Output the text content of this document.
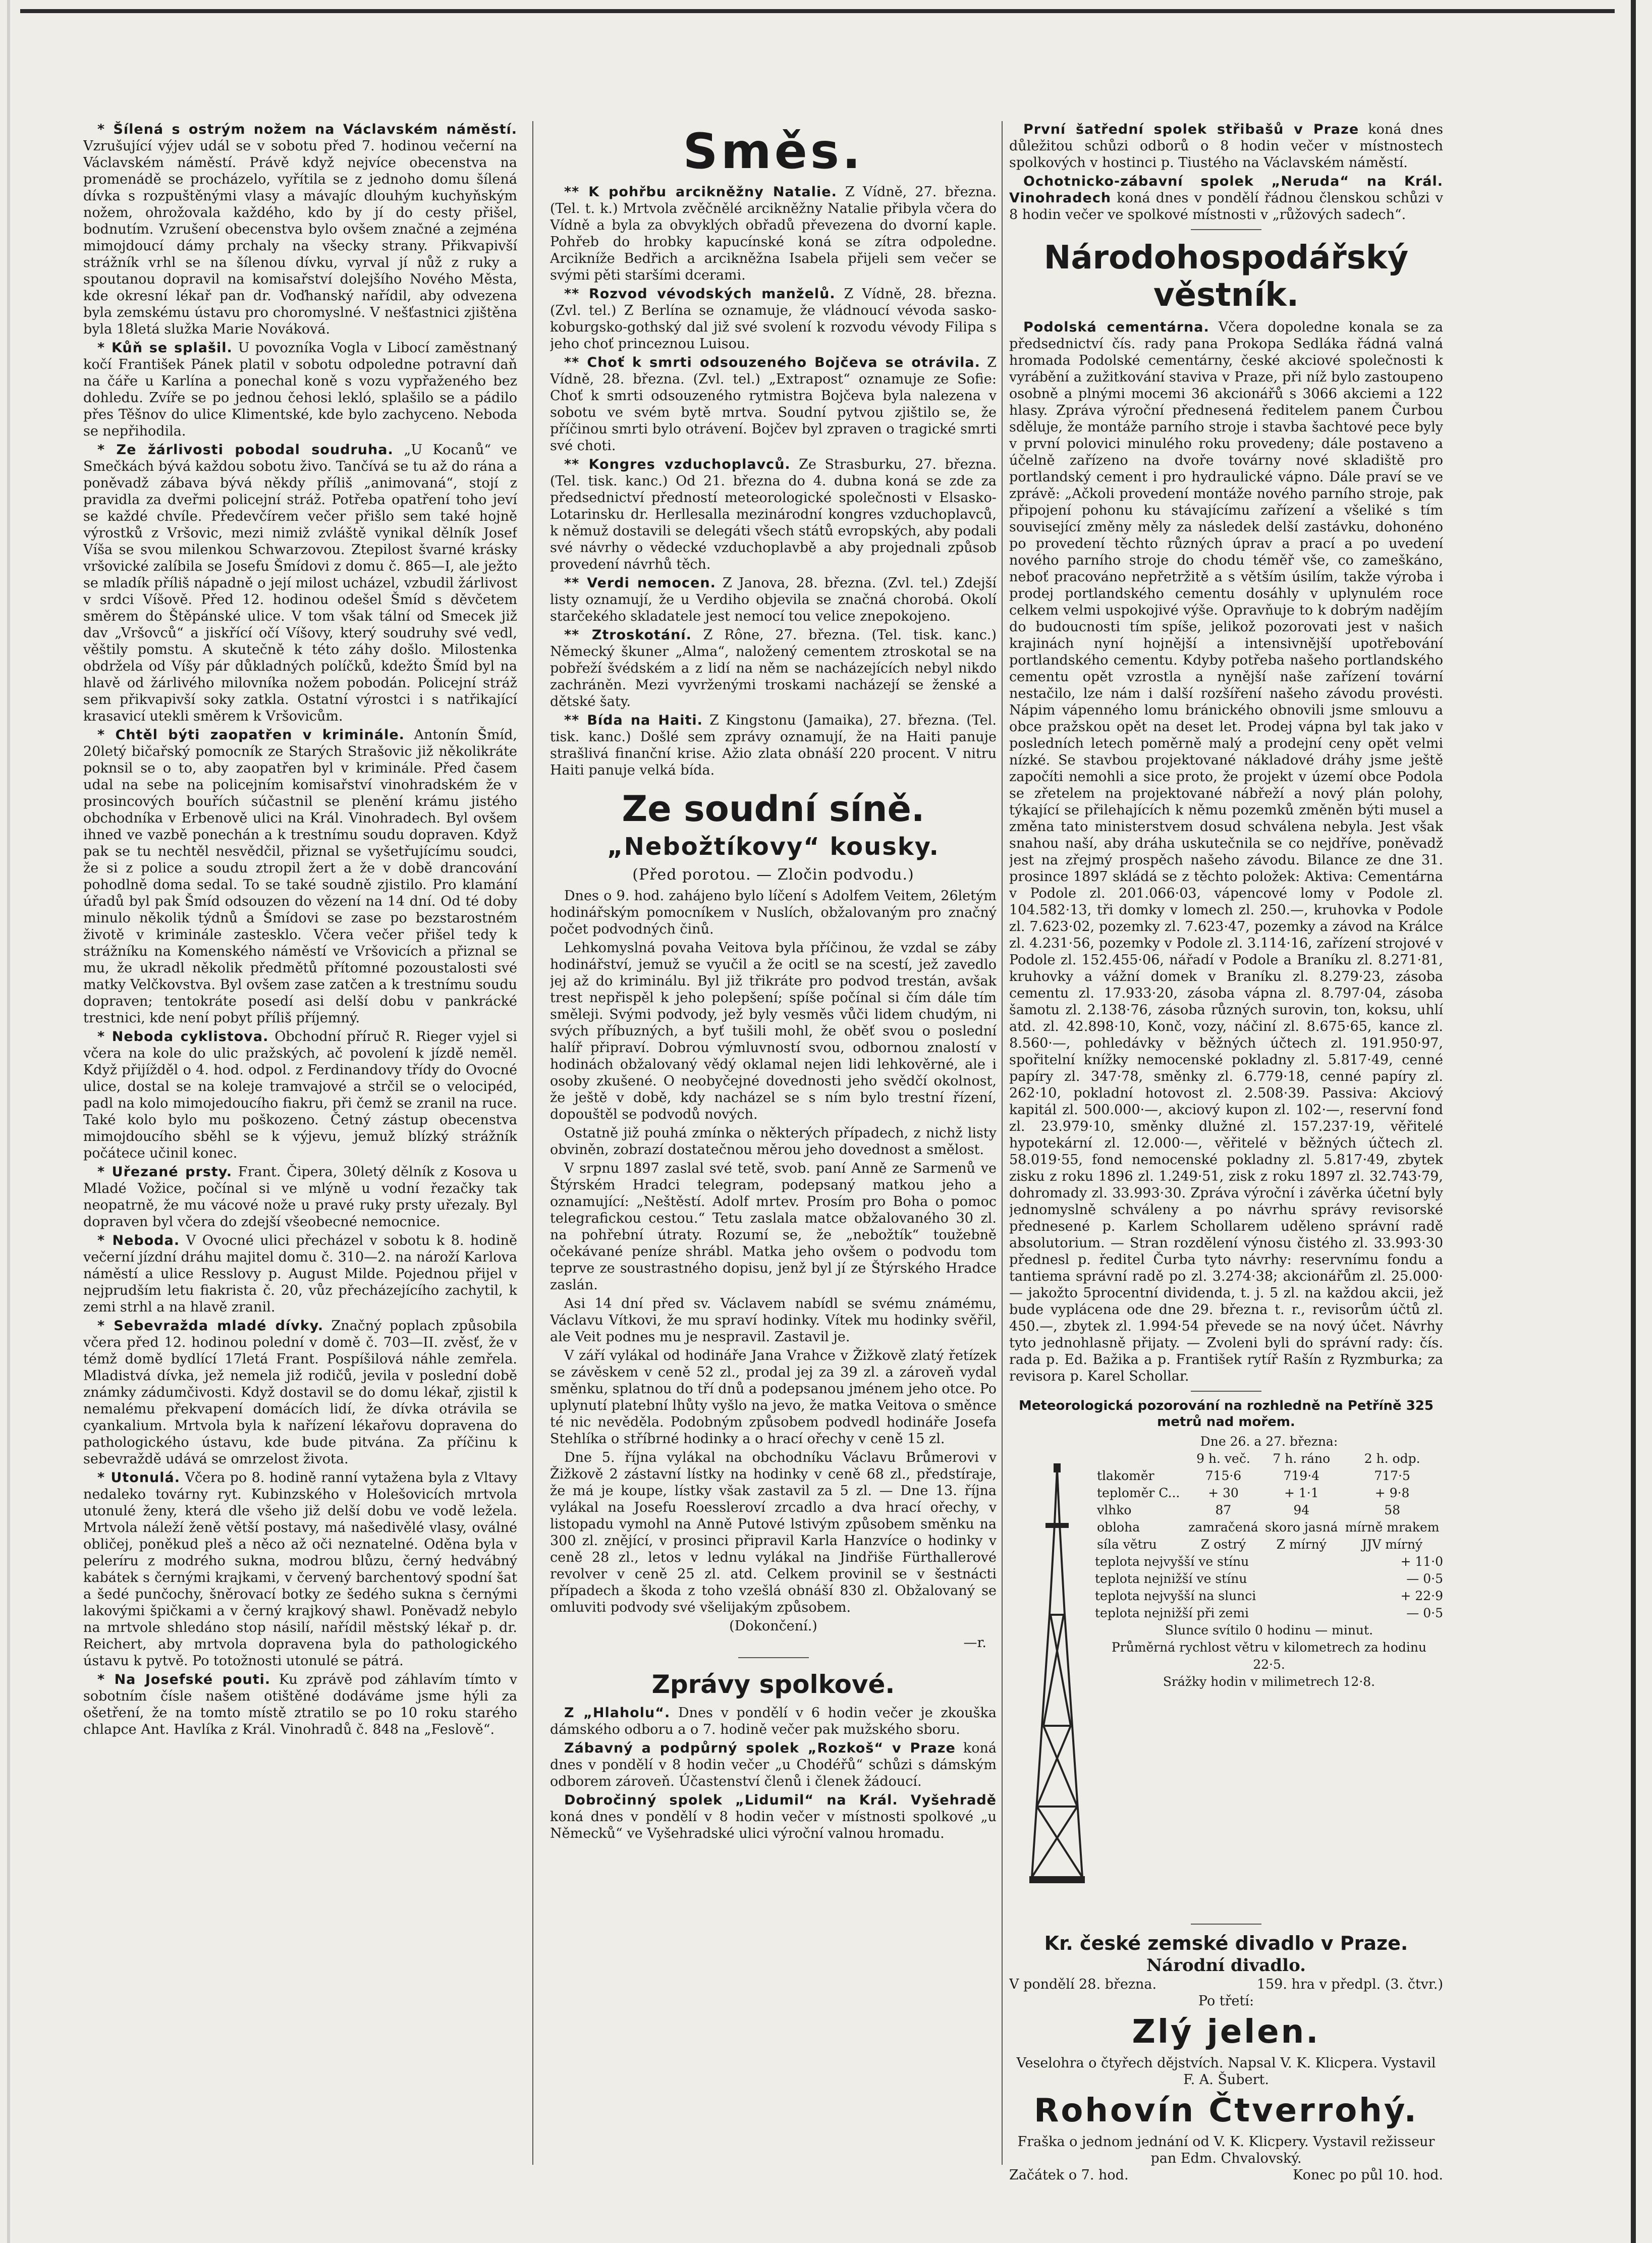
* Šílená s ostrým nožem na Václavském náměstí. Vzrušující výjev udál se v sobotu před 7. hodinou večerní na Václavském náměstí. Právě když nejvíce obecenstva na promenádě se procházelo, vyřítila se z jednoho domu šílená dívka s rozpuštěnými vlasy a mávajíc dlouhým kuchyňským nožem, ohrožovala každého, kdo by jí do cesty přišel, bodnutím. Vzrušení obecenstva bylo ovšem značné a zejména mimojdoucí dámy prchaly na všecky strany. Přikvapivší strážník vrhl se na šílenou dívku, vyrval jí nůž z ruky a spoutanou dopravil na komisařství dolejšího Nového Města, kde okresní lékař pan dr. Voďhanský nařídil, aby odvezena byla zemskému ústavu pro choromyslné. V nešťastnici zjištěna byla 18letá služka Marie Nováková.

* Kůň se splašil. U povozníka Vogla v Libocí zaměstnaný kočí František Pánek platil v sobotu odpoledne potravní daň na čáře u Karlína a ponechal koně s vozu vypřaženého bez dohledu. Zvíře se po jednou čehosi lekló, splašilo se a pádilo přes Těšnov do ulice Klimentské, kde bylo zachyceno. Neboda se nepřihodila.

* Ze žárlivosti pobodal soudruha. „U Kocanů“ ve Smečkách bývá každou sobotu živo. Tančívá se tu až do rána a poněvadž zábava bývá někdy příliš „animovaná“, stojí z pravidla za dveřmi policejní stráž. Potřeba opatření toho jeví se každé chvíle. Předevčírem večer přišlo sem také hojně výrostků z Vršovic, mezi nimiž zvláště vynikal dělník Josef Víša se svou milenkou Schwarzovou. Ztepilost švarné krásky vršovické zalíbila se Josefu Šmídovi z domu č. 865—I, ale ježto se mladík příliš nápadně o její milost ucházel, vzbudil žárlivost v srdci Víšově. Před 12. hodinou odešel Šmíd s děvčetem směrem do Štěpánské ulice. V tom však tální od Smecek již dav „Vršovců“ a jiskřící očí Víšovy, který soudruhy své vedl, věštily pomstu. A skutečně k této záhy došlo. Milostenka obdržela od Víšy pár důkladných políčků, kdežto Šmíd byl na hlavě od žárlivého milovníka nožem pobodán. Policejní stráž sem přikvapivší soky zatkla. Ostatní výrostci i s natřikající krasavicí utekli směrem k Vršovicům.

* Chtěl býti zaopatřen v kriminále. Antonín Šmíd, 20letý bičařský pomocník ze Starých Strašovic již několikráte poknsil se o to, aby zaopatřen byl v kriminále. Před časem udal na sebe na policejním komisařství vinohradském že v prosincových bouřích súčastnil se plenění krámu jistého obchodníka v Erbenově ulici na Král. Vinohradech. Byl ovšem ihned ve vazbě ponechán a k trestnímu soudu dopraven. Když pak se tu nechtěl nesvědčil, přiznal se vyšetřujícímu soudci, že si z police a soudu ztropil žert a že v době drancování pohodlně doma sedal. To se také soudně zjistilo. Pro klamání úřadů byl pak Šmíd odsouzen do vězení na 14 dní. Od té doby minulo několik týdnů a Šmídovi se zase po bezstarostném životě v kriminále zastesklo. Včera večer přišel tedy k strážníku na Komenského náměstí ve Vršovicích a přiznal se mu, že ukradl několik předmětů přítomné pozoustalosti své matky Velčkovstva. Byl ovšem zase zatčen a k trestnímu soudu dopraven; tentokráte posedí asi delší dobu v pankrácké trestnici, kde není pobyt příliš příjemný.

* Neboda cyklistova. Obchodní příruč R. Rieger vyjel si včera na kole do ulic pražských, ač povolení k jízdě neměl. Když přijížděl o 4. hod. odpol. z Ferdinandovy třídy do Ovocné ulice, dostal se na koleje tramvajové a strčil se o velocipéd, padl na kolo mimojedoucího fiakru, při čemž se zranil na ruce. Také kolo bylo mu poškozeno. Četný zástup obecenstva mimojdoucího sběhl se k výjevu, jemuž blízký strážník počátece učinil konec.

* Uřezané prsty. Frant. Čipera, 30letý dělník z Kosova u Mladé Vožice, počínal si ve mlýně u vodní řezačky tak neopatrně, že mu vácové nože u pravé ruky prsty uřezaly. Byl dopraven byl včera do zdejší všeobecné nemocnice.

* Neboda. V Ovocné ulici přecházel v sobotu k 8. hodině večerní jízdní dráhu majitel domu č. 310—2. na nároží Karlova náměstí a ulice Resslovy p. August Milde. Pojednou přijel v nejprudším letu fiakrista č. 20, vůz přecházejícího zachytil, k zemi strhl a na hlavě zranil.

* Sebevražda mladé dívky. Značný poplach způsobila včera před 12. hodinou polední v domě č. 703—II. zvěsť, že v témž domě bydlící 17letá Frant. Pospíšilová náhle zemřela. Mladistvá dívka, jež nemela již rodičů, jevila v poslední době známky zádumčivosti. Když dostavil se do domu lékař, zjistil k nemalému překvapení domácích lidí, že dívka otrávila se cyankalium. Mrtvola byla k nařízení lékařovu dopravena do pathologického ústavu, kde bude pitvána. Za příčinu k sebevraždě udává se omrzelost života.

* Utonulá. Včera po 8. hodině ranní vytažena byla z Vltavy nedaleko továrny ryt. Kubinzského v Holešovicích mrtvola utonulé ženy, která dle všeho již delší dobu ve vodě ležela. Mrtvola náleží ženě větší postavy, má našedivělé vlasy, oválné obličej, poněkud pleš a něco až oči neznatelné. Oděna byla v peleríru z modrého sukna, modrou blůzu, černý hedvábný kabátek s černými krajkami, v červený barchentový spodní šat a šedé punčochy, šněrovací botky ze šedého sukna s černými lakovými špičkami a v černý krajkový shawl. Poněvadž nebylo na mrtvole shledáno stop násilí, nařídil městský lékař p. dr. Reichert, aby mrtvola dopravena byla do pathologického ústavu k pytvě. Po totožnosti utonulé se pátrá.

* Na Josefské pouti. Ku zprávě pod záhlavím tímto v sobotním čísle našem otištěné dodáváme jsme hýli za ošetření, že na tomto místě ztratilo se po 10 roku starého chlapce Ant. Havlíka z Král. Vinohradů č. 848 na „Feslově“.

Směs.

** K pohřbu arcikněžny Natalie. Z Vídně, 27. března. (Tel. t. k.) Mrtvola zvěčnělé arcikněžny Natalie přibyla včera do Vídně a byla za obvyklých obřadů převezena do dvorní kaple. Pohřeb do hrobky kapucínské koná se zítra odpoledne. Arcikníže Bedřich a arcikněžna Isabela přijeli sem večer se svými pěti staršími dcerami.

** Rozvod vévodských manželů. Z Vídně, 28. března. (Zvl. tel.) Z Berlína se oznamuje, že vládnoucí vévoda sasko-koburgsko-gothský dal již své svolení k rozvodu vévody Filipa s jeho choť princeznou Luisou.

** Choť k smrti odsouzeného Bojčeva se otrávila. Z Vídně, 28. března. (Zvl. tel.) „Extrapost“ oznamuje ze Sofie: Choť k smrti odsouzeného rytmistra Bojčeva byla nalezena v sobotu ve svém bytě mrtva. Soudní pytvou zjištilo se, že příčinou smrti bylo otrávení. Bojčev byl zpraven o tragické smrti své choti.

** Kongres vzduchoplavců. Ze Strasburku, 27. března. (Tel. tisk. kanc.) Od 21. března do 4. dubna koná se zde za předsednictví předností meteorologické společnosti v Elsasko-Lotarinsku dr. Herllesalla mezinárodní kongres vzduchoplavců, k němuž dostavili se delegáti všech států evropských, aby podali své návrhy o vědecké vzduchoplavbě a aby projednali způsob provedení návrhů těch.

** Verdi nemocen. Z Janova, 28. března. (Zvl. tel.) Zdejší listy oznamují, že u Verdiho objevila se značná chorobá. Okolí starčekého skladatele jest nemocí tou velice znepokojeno.

** Ztroskotání. Z Rône, 27. března. (Tel. tisk. kanc.) Německý škuner „Alma“, naložený cementem ztroskotal se na pobřeží švédském a z lidí na něm se nacházejících nebyl nikdo zachráněn. Mezi vyvrženými troskami nacházejí se ženské a dětské šaty.

** Bída na Haiti. Z Kingstonu (Jamaika), 27. března. (Tel. tisk. kanc.) Došlé sem zprávy oznamují, že na Haiti panuje strašlivá finanční krise. Ažio zlata obnáší 220 procent. V nitru Haiti panuje velká bída.

Ze soudní síně.
„Nebožtíkovy“ kousky.
(Před porotou. — Zločin podvodu.)

Dnes o 9. hod. zahájeno bylo líčení s Adolfem Veitem, 26letým hodinářským pomocníkem v Nuslích, obžalovaným pro značný počet podvodných činů.

Lehkomyslná povaha Veitova byla příčinou, že vzdal se záby hodinářství, jemuž se vyučil a že ocitl se na scestí, jež zavedlo jej až do kriminálu. Byl již třikráte pro podvod trestán, avšak trest nepřispěl k jeho polepšení; spíše počínal si čím dále tím směleji. Svými podvody, jež byly vesměs vůči lidem chudým, ni svých příbuzných, a byť tušili mohl, že oběť svou o poslední halíř připraví. Dobrou výmluvností svou, odbornou znalostí v hodinách obžalovaný vědý oklamal nejen lidi lehkověrné, ale i osoby zkušené. O neobyčejné dovednosti jeho svědčí okolnost, že ještě v době, kdy nacházel se s ním bylo trestní řízení, dopouštěl se podvodů nových.

Ostatně již pouhá zmínka o některých případech, z nichž listy obviněn, zobrazí dostatečnou měrou jeho dovednost a smělost.

V srpnu 1897 zaslal své tetě, svob. paní Anně ze Sarmenů ve Štýrském Hradci telegram, podepsaný matkou jeho a oznamující: „Neštěstí. Adolf mrtev. Prosím pro Boha o pomoc telegrafickou cestou.“ Tetu zaslala matce obžalovaného 30 zl. na pohřební útraty. Rozumí se, že „nebožtík“ toužebně očekávané peníze shrábl. Matka jeho ovšem o podvodu tom teprve ze soustrastného dopisu, jenž byl jí ze Štýrského Hradce zaslán.

Asi 14 dní před sv. Václavem nabídl se svému známému, Václavu Vítkovi, že mu spraví hodinky. Vítek mu hodinky svěřil, ale Veit podnes mu je nespravil. Zastavil je.

V září vylákal od hodináře Jana Vrahce v Žižkově zlatý řetízek se závěskem v ceně 52 zl., prodal jej za 39 zl. a zároveň vydal směnku, splatnou do tří dnů a podepsanou jménem jeho otce. Po uplynutí platební lhůty vyšlo na jevo, že matka Veitova o směnce té nic nevěděla. Podobným způsobem podvedl hodináře Josefa Stehlíka o stříbrné hodinky a o hrací ořechy v ceně 15 zl.

Dne 5. října vylákal na obchodníku Václavu Brůmerovi v Žižkově 2 zástavní lístky na hodinky v ceně 68 zl., předstíraje, že má je koupe, lístky však zastavil za 5 zl. — Dne 13. října vylákal na Josefu Roessleroví zrcadlo a dva hrací ořechy, v listopadu vymohl na Anně Putové lstivým způsobem směnku na 300 zl. znějící, v prosinci připravil Karla Hanzvíce o hodinky v ceně 28 zl., letos v lednu vylákal na Jindřiše Fürthallerové revolver v ceně 25 zl. atd. Celkem provinil se v šestnácti případech a škoda z toho vzešlá obnáší 830 zl. Obžalovaný se omluviti podvody své všelijakým způsobem.

(Dokončení.)
—r.
Zprávy spolkové.

Z „Hlaholu“. Dnes v pondělí v 6 hodin večer je zkouška dámského odboru a o 7. hodině večer pak mužského sboru.

Zábavný a podpůrný spolek „Rozkoš“ v Praze koná dnes v pondělí v 8 hodin večer „u Chodéřů“ schůzi s dámským odborem zároveň. Účastenství členů i členek žádoucí.

Dobročinný spolek „Lidumil“ na Král. Vyšehradě koná dnes v pondělí v 8 hodin večer v místnosti spolkové „u Německů“ ve Vyšehradské ulici výroční valnou hromadu.

První šatřední spolek střibašů v Praze koná dnes důležitou schůzi odborů o 8 hodin večer v místnostech spolkových v hostinci p. Tiustého na Václavském náměstí.

Ochotnicko-zábavní spolek „Neruda“ na Král. Vinohradech koná dnes v pondělí řádnou členskou schůzi v 8 hodin večer ve spolkové místnosti v „růžových sadech“.

Národohospodářský věstník.

Podolská cementárna. Včera dopoledne konala se za předsednictví čís. rady pana Prokopa Sedláka řádná valná hromada Podolské cementárny, české akciové společnosti k vyrábění a zužitkování staviva v Praze, při níž bylo zastoupeno osobně a plnými mocemi 36 akcionářů s 3066 akciemi a 122 hlasy. Zpráva výroční přednesená ředitelem panem Čurbou sděluje, že montáže parního stroje i stavba šachtové pece byly v první polovici minulého roku provedeny; dále postaveno a účelně zařízeno na dvoře továrny nové skladiště pro portlandský cement i pro hydraulické vápno. Dále praví se ve zprávě: „Ačkoli provedení montáže nového parního stroje, pak připojení pohonu ku stávajícímu zařízení a všeliké s tím související změny měly za následek delší zastávku, dohonéno po provedení těchto různých úprav a prací a po uvedení nového parního stroje do chodu téměř vše, co zameškáno, neboť pracováno nepřetržitě a s větším úsilím, takže výroba i prodej portlandského cementu dosáhly v uplynulém roce celkem velmi uspokojivé výše. Opravňuje to k dobrým nadějím do budoucnosti tím spíše, jelikož pozorovati jest v našich krajinách nyní hojnější a intensivnější upotřebování portlandského cementu. Kdyby potřeba našeho portlandského cementu opět vzrostla a nynější naše zařízení tovární nestačilo, lze nám i další rozšíření našeho závodu provésti. Nápim vápenného lomu bránického obnovili jsme smlouvu a obce pražskou opět na deset let. Prodej vápna byl tak jako v posledních letech poměrně malý a prodejní ceny opět velmi nízké. Se stavbou projektované nákladové dráhy jsme ještě započíti nemohli a sice proto, že projekt v území obce Podola se zřetelem na projektované nábřeží a nový plán polohy, týkající se přilehajících k němu pozemků změněn býti musel a změna tato ministerstvem dosud schválena nebyla. Jest však snahou naší, aby dráha uskutečnila se co nejdříve, poněvadž jest na zřejmý prospěch našeho závodu. Bilance ze dne 31. prosince 1897 skládá se z těchto položek: Aktiva: Cementárna v Podole zl. 201.066·03, vápencové lomy v Podole zl. 104.582·13, tři domky v lomech zl. 250.—, kruhovka v Podole zl. 7.623·02, pozemky zl. 7.623·47, pozemky a závod na Králce zl. 4.231·56, pozemky v Podole zl. 3.114·16, zařízení strojové v Podole zl. 152.455·06, nářadí v Podole a Braníku zl. 8.271·81, kruhovky a vážní domek v Braníku zl. 8.279·23, zásoba cementu zl. 17.933·20, zásoba vápna zl. 8.797·04, zásoba šamotu zl. 2.138·76, zásoba různých surovin, ton, koksu, uhlí atd. zl. 42.898·10, Konč, vozy, náčiní zl. 8.675·65, kance zl. 8.560·—, pohledávky v běžných účtech zl. 191.950·97, spořitelní knížky nemocenské pokladny zl. 5.817·49, cenné papíry zl. 347·78, směnky zl. 6.779·18, cenné papíry zl. 262·10, pokladní hotovost zl. 2.508·39. Passiva: Akciový kapitál zl. 500.000·—, akciový kupon zl. 102·—, reservní fond zl. 23.979·10, směnky dlužné zl. 157.237·19, věřitelé hypotekární zl. 12.000·—, věřitelé v běžných účtech zl. 58.019·55, fond nemocenské pokladny zl. 5.817·49, zbytek zisku z roku 1896 zl. 1.249·51, zisk z roku 1897 zl. 32.743·79, dohromady zl. 33.993·30. Zpráva výroční i závěrka účetní byly jednomyslně schváleny a po návrhu správy revisorské přednesené p. Karlem Schollarem uděleno správní radě absolutorium. — Stran rozdělení výnosu čistého zl. 33.993·30 přednesl p. ředitel Čurba tyto návrhy: reservnímu fondu a tantiema správní radě po zl. 3.274·38; akcionářům zl. 25.000·— jakožto 5procentní dividenda, t. j. 5 zl. na každou akcii, jež bude vyplácena ode dne 29. března t. r., revisorům účtů zl. 450.—, zbytek zl. 1.994·54 převede se na nový účet. Návrhy tyto jednohlasně přijaty. — Zvoleni byli do správní rady: čís. rada p. Ed. Bažika a p. František rytíř Rašín z Ryzmburka; za revisora p. Karel Schollar.

Meteorologická pozorování na rozhledně na Petříně 325 metrů nad mořem.
Dne 26. a 27. března:
	9 h. več.	7 h. ráno	2 h. odp.
tlakoměr	715·6	719·4	717·5
teploměr C...	+ 30	+ 1·1	+ 9·8
vlhko	87	94	58
obloha	zamračená	skoro jasná	mírně mrakem
síla větru	Z ostrý	Z mírný	JJV mírný
teplota nejvyšší ve stínu	+ 11·0
teplota nejnižší ve stínu	— 0·5
teplota nejvyšší na slunci	+ 22·9
teplota nejnižší při zemi	— 0·5
Slunce svítilo 0 hodinu — minut.
Průměrná rychlost větru v kilometrech za hodinu 22·5.
Srážky hodin v milimetrech 12·8.
Kr. české zemské divadlo v Praze.
Národní divadlo.
V pondělí 28. března.	159. hra v předpl. (3. čtvr.)
Po třetí:
Zlý jelen.
Veselohra o čtyřech dějstvích. Napsal V. K. Klicpera. Vystavil F. A. Šubert.
Rohovín Čtverrohý.
Fraška o jednom jednání od V. K. Klicpery. Vystavil režisseur pan Edm. Chvalovský.
Začátek o 7. hod.	Konec po půl 10. hod.
